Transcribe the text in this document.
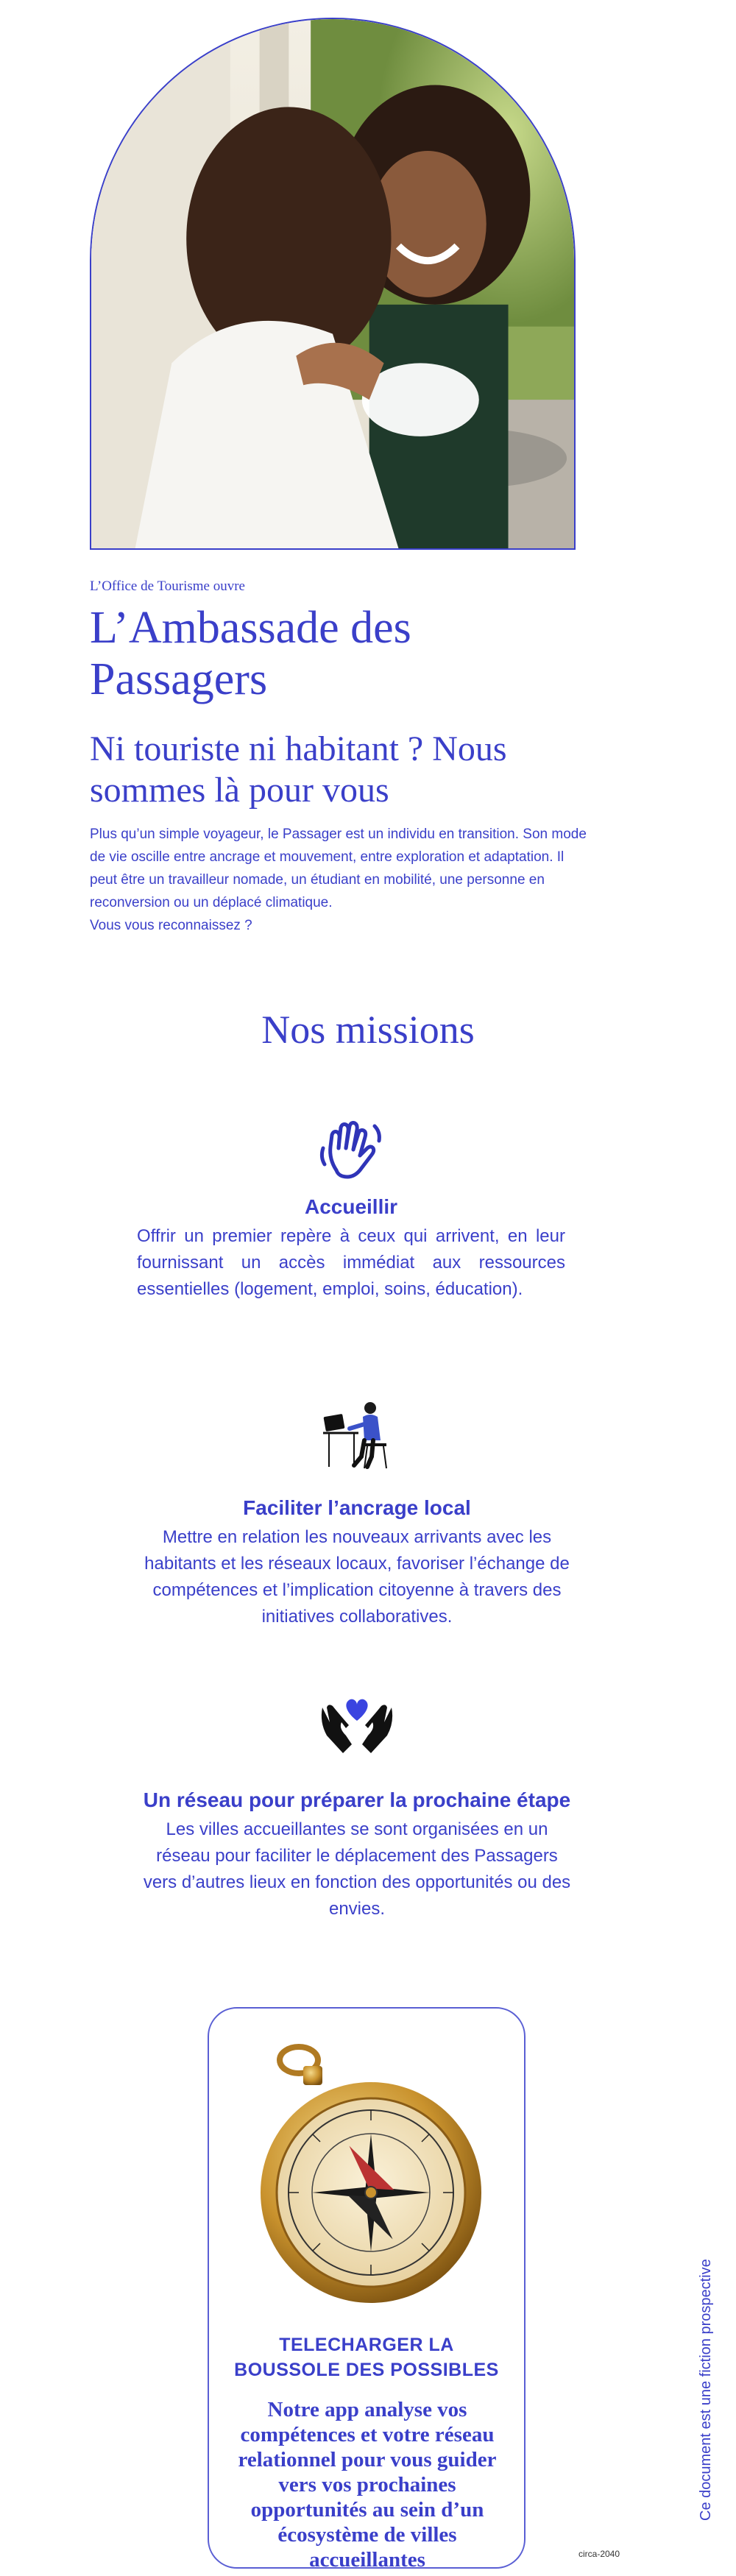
L’Office de Tourisme ouvre
L’Ambassade des
Passagers
Ni touriste ni habitant ? Nous
sommes là pour vous

Plus qu’un simple voyageur, le Passager est un individu en transition. Son mode de vie oscille entre ancrage et mouvement, entre exploration et adaptation. Il peut être un travailleur nomade, un étudiant en mobilité, une personne en reconversion ou un déplacé climatique.

Vous vous reconnaissez ?

Nos missions
Accueillir

Offrir un premier repère à ceux qui arrivent, en leur fournissant un accès immédiat aux ressources essentielles (logement, emploi, soins, éducation).

Faciliter l’ancrage local

Mettre en relation les nouveaux arrivants avec les habitants et les réseaux locaux, favoriser l’échange de compétences et l’implication citoyenne à travers des initiatives collaboratives.

Un réseau pour préparer la prochaine étape

Les villes accueillantes se sont organisées en un réseau pour faciliter le déplacement des Passagers vers d’autres lieux en fonction des opportunités ou des envies.

TELECHARGER LA
BOUSSOLE DES POSSIBLES
Notre app analyse vos compétences et votre réseau relationnel pour vous guider vers vos prochaines opportunités au sein d’un écosystème de villes accueillantes
Ce document est une fiction prospective
circa-2040
